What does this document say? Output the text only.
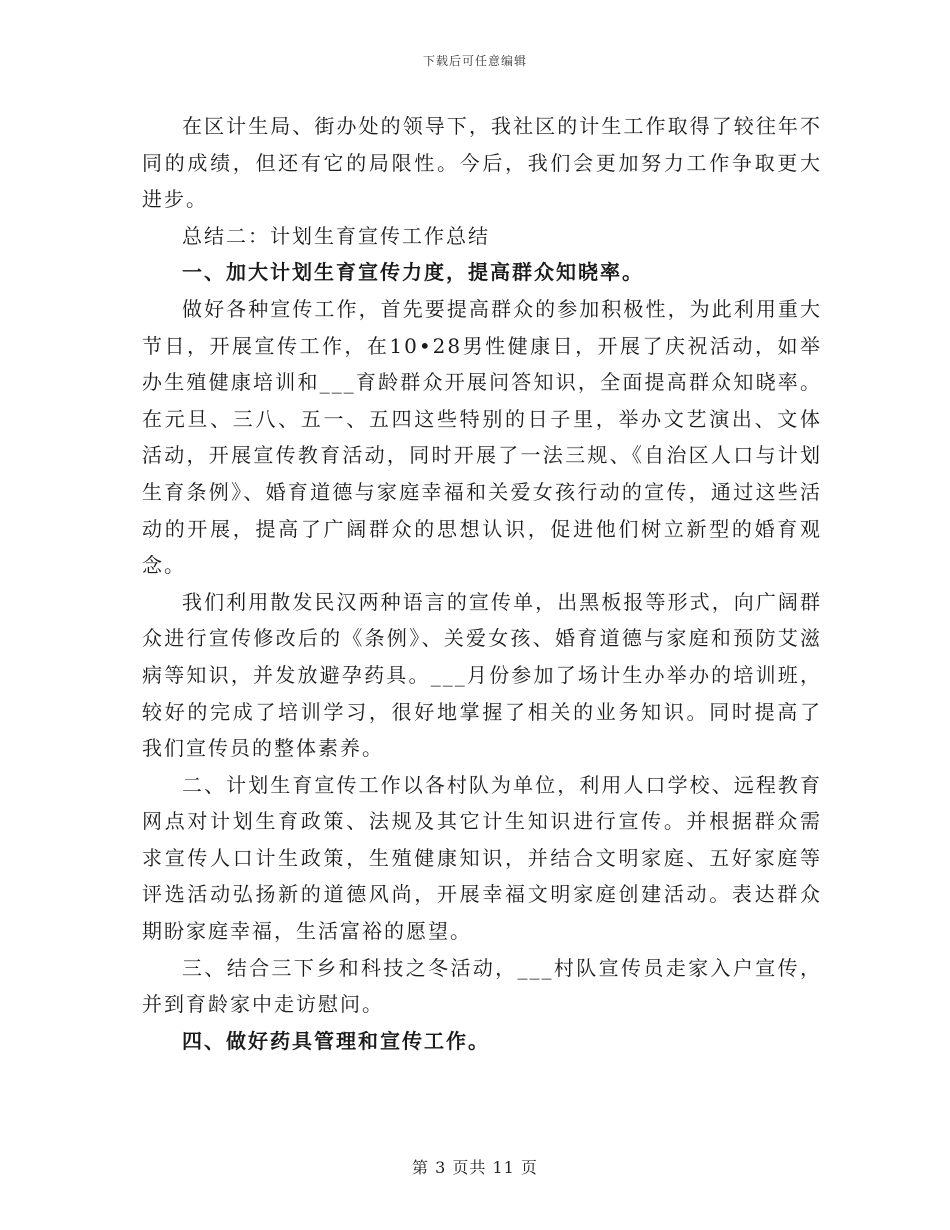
下载后可任意编辑

在区计生局、街办处的领导下，我社区的计生工作取得了较往年不同的成绩，但还有它的局限性。今后，我们会更加努力工作争取更大进步。

总结二：计划生育宣传工作总结

一、加大计划生育宣传力度，提高群众知晓率。

做好各种宣传工作，首先要提高群众的参加积极性，为此利用重大节日，开展宣传工作，在10•28男性健康日，开展了庆祝活动，如举办生殖健康培训和___育龄群众开展问答知识，全面提高群众知晓率。在元旦、三八、五一、五四这些特别的日子里，举办文艺演出、文体活动，开展宣传教育活动，同时开展了一法三规、《自治区人口与计划生育条例》、婚育道德与家庭幸福和关爱女孩行动的宣传，通过这些活动的开展，提高了广阔群众的思想认识，促进他们树立新型的婚育观念。

我们利用散发民汉两种语言的宣传单，出黑板报等形式，向广阔群众进行宣传修改后的《条例》、关爱女孩、婚育道德与家庭和预防艾滋病等知识，并发放避孕药具。___月份参加了场计生办举办的培训班，较好的完成了培训学习，很好地掌握了相关的业务知识。同时提高了我们宣传员的整体素养。

二、计划生育宣传工作以各村队为单位，利用人口学校、远程教育网点对计划生育政策、法规及其它计生知识进行宣传。并根据群众需求宣传人口计生政策，生殖健康知识，并结合文明家庭、五好家庭等评选活动弘扬新的道德风尚，开展幸福文明家庭创建活动。表达群众期盼家庭幸福，生活富裕的愿望。

三、结合三下乡和科技之冬活动，___村队宣传员走家入户宣传，并到育龄家中走访慰问。

四、做好药具管理和宣传工作。

第 3 页共 11 页
